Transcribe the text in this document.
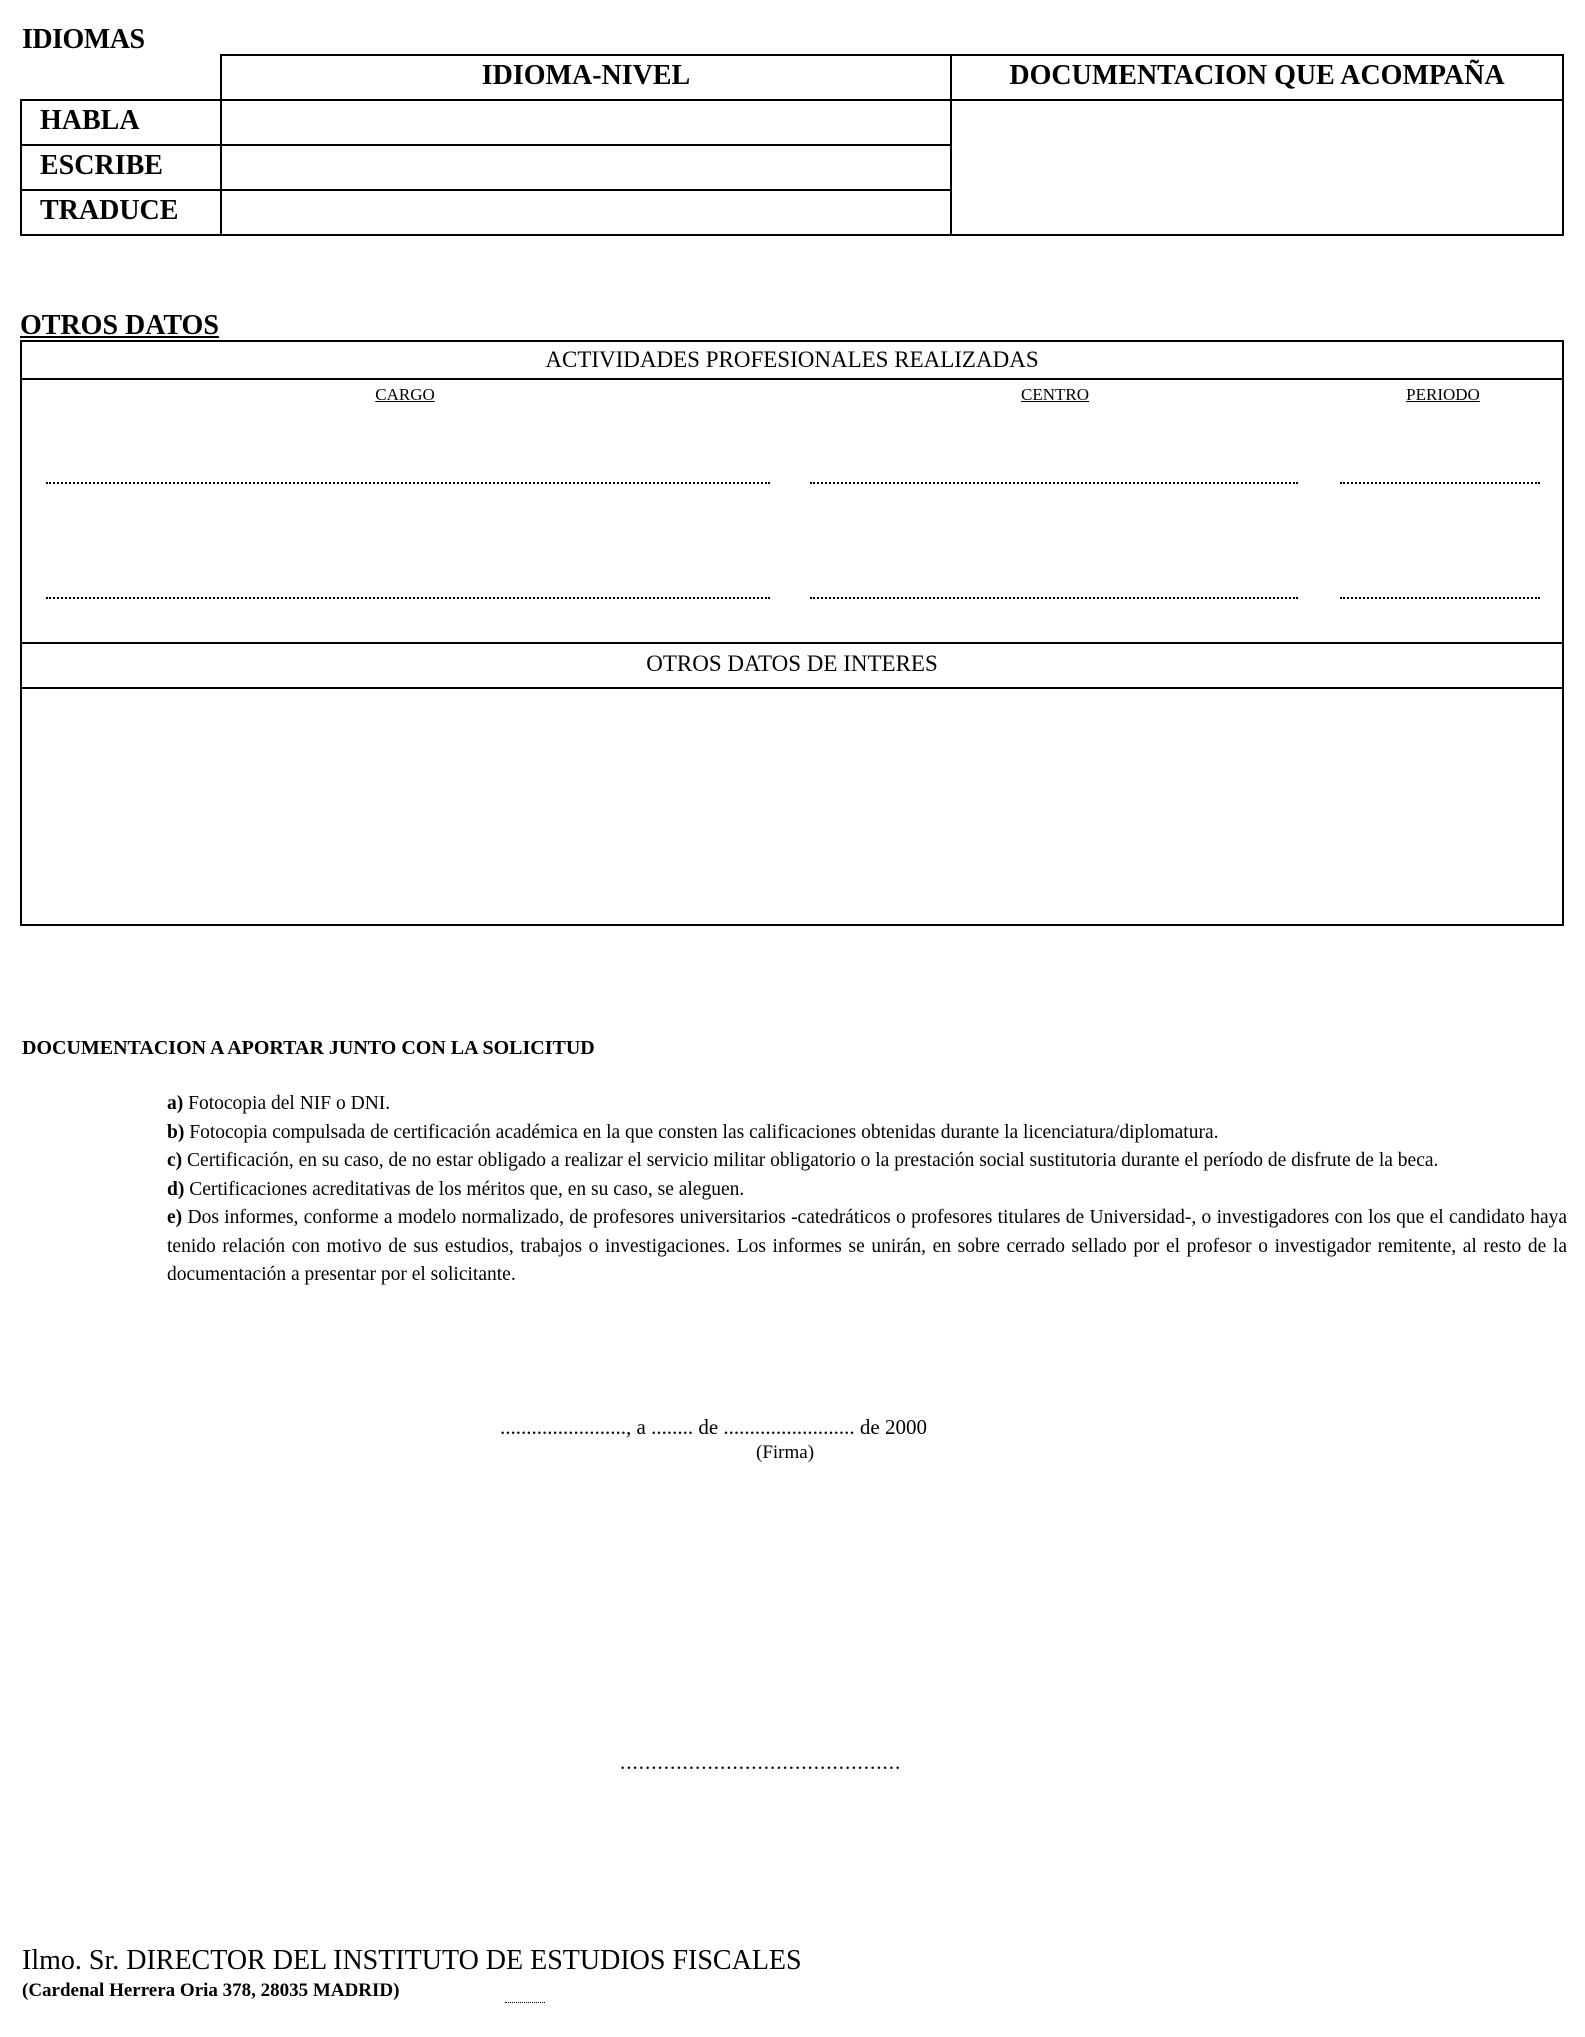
IDIOMAS
IDIOMA-NIVEL	DOCUMENTACION QUE ACOMPAÑA
HABLA
ESCRIBE
TRADUCE
OTROS DATOS
ACTIVIDADES PROFESIONALES REALIZADAS
CARGO	CENTRO	PERIODO
OTROS DATOS DE INTERES
DOCUMENTACION A APORTAR JUNTO CON LA SOLICITUD

a) Fotocopia del NIF o DNI.

b) Fotocopia compulsada de certificación académica en la que consten las calificaciones obtenidas durante la licenciatura/diplomatura.

c) Certificación, en su caso, de no estar obligado a realizar el servicio militar obligatorio o la prestación social sustitutoria durante el período de disfrute de la beca.

d) Certificaciones acreditativas de los méritos que, en su caso, se aleguen.

e) Dos informes, conforme a modelo normalizado, de profesores universitarios -catedráticos o profesores titulares de Universidad-, o investigadores con los que el candidato haya tenido relación con motivo de sus estudios, trabajos o investigaciones. Los informes se unirán, en sobre cerrado sellado por el profesor o investigador remitente, al resto de la documentación a presentar por el solicitante.

........................, a ........ de ......................... de 2000
(Firma)
.............................................
Ilmo. Sr. DIRECTOR DEL INSTITUTO DE ESTUDIOS FISCALES
(Cardenal Herrera Oria 378, 28035 MADRID)
